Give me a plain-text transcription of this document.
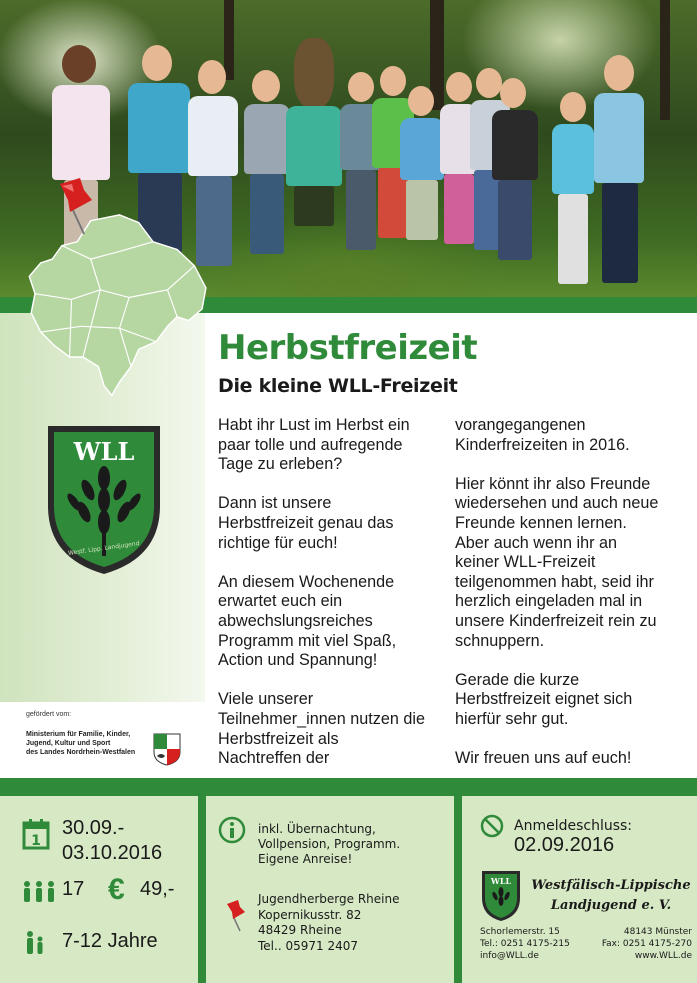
WLL
Westf. Lipp. Landjugend
gefördert vom:
Ministerium für Familie, Kinder,
Jugend, Kultur und Sport
des Landes Nordrhein-Westfalen
Herbstfreizeit
Die kleine WLL-Freizeit
Habt ihr Lust im Herbst ein
paar tolle und aufregende
Tage zu erleben?

Dann ist unsere
Herbstfreizeit genau das
richtige für euch!

An diesem Wochenende
erwartet euch ein
abwechslungsreiches
Programm mit viel Spaß,
Action und Spannung!

Viele unserer
Teilnehmer_innen nutzen die
Herbstfreizeit als
Nachtreffen der
vorangegangenen
Kinderfreizeiten in 2016.

Hier könnt ihr also Freunde
wiedersehen und auch neue
Freunde kennen lernen.
Aber auch wenn ihr an
keiner WLL-Freizeit
teilgenommen habt, seid ihr
herzlich eingeladen mal in
unsere Kinderfreizeit rein zu
schnuppern.

Gerade die kurze
Herbstfreizeit eignet sich
hierfür sehr gut.

Wir freuen uns auf euch!
1
30.09.-
03.10.2016
17 € 49,-
7-12 Jahre
inkl. Übernachtung,
Vollpension, Programm.
Eigene Anreise!
Jugendherberge Rheine
Kopernikusstr. 82
48429 Rheine
Tel.. 05971 2407
Anmeldeschluss:
02.09.2016
WLL Westfälisch-Lippische
Landjugend e. V.
Schorlemerstr. 15	48143 Münster
Tel.: 0251 4175-215	Fax: 0251 4175-270
info@WLL.de	www.WLL.de
